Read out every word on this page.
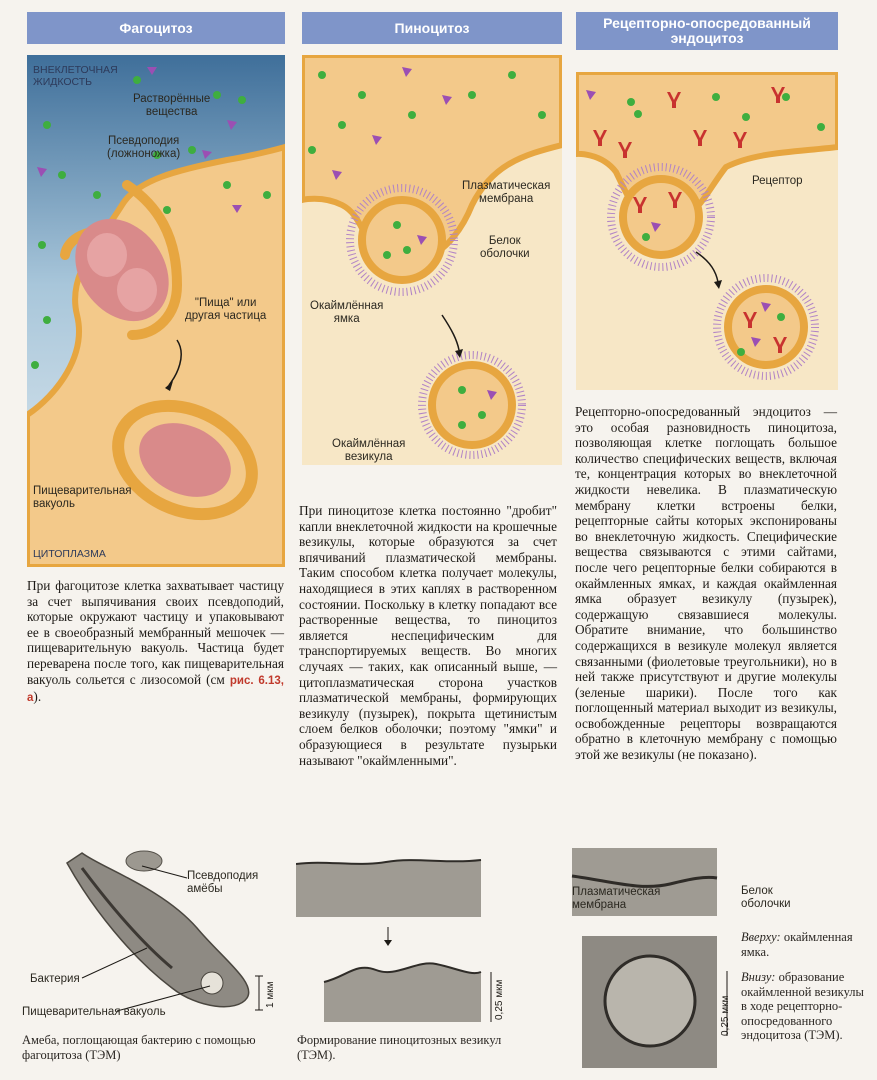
Фагоцитоз	Пиноцитоз	Рецепторно-опосредованный
эндоцитоз
ВНЕКЛЕТОЧНАЯ
ЖИДКОСТЬ
Растворённые
вещества
Псевдоподия
(ложноножка)
"Пища" или
другая частица
Пищеварительная
вакуоль
ЦИТОПЛАЗМА
Плазматическая
мембрана
Белок
оболочки
Окаймлённая
ямка
Окаймлённая
везикула
Рецептор
При фагоцитозе клетка захватывает частицу за счет выпячивания своих псевдоподий, которые окружают частицу и упаковывают ее в своеобразный мембранный мешочек — пищеварительную вакуоль. Частица будет переварена после того, как пищеварительная вакуоль сольется с лизосомой (см рис. 6.13, а).
При пиноцитозе клетка постоянно "дробит" капли внеклеточной жидкости на крошечные везикулы, которые образуются за счет впячиваний плазматической мембраны. Таким способом клетка получает молекулы, находящиеся в этих каплях в растворенном состоянии. Поскольку в клетку попадают все растворенные вещества, то пиноцитоз является неспецифическим для транспортируемых веществ. Во многих случаях — таких, как описанный выше, — цитоплазматическая сторона участков плазматической мембраны, формирующих везикулу (пузырек), покрыта щетинистым слоем белков оболочки; поэтому "ямки" и образующиеся в результате пузырьки называют "окаймленными".
Рецепторно-опосредованный эндоцитоз — это особая разновидность пиноцитоза, позволяющая клетке поглощать большое количество специфических веществ, включая те, концентрация которых во внеклеточной жидкости невелика. В плазматическую мембрану клетки встроены белки, рецепторные сайты которых экспонированы во внеклеточную жидкость. Специфические вещества связываются с этими сайтами, после чего рецепторные белки собираются в окаймленных ямках, и каждая окаймленная ямка образует везикулу (пузырек), содержащую связавшиеся молекулы. Обратите внимание, что большинство содержащихся в везикуле молекул является связанными (фиолетовые треугольники), но в ней также присутствуют и другие молекулы (зеленые шарики). После того как поглощенный материал выходит из везикулы, освобожденные рецепторы возвращаются обратно в клеточную мембрану с помощью этой же везикулы (не показано).
Псевдоподия
амёбы
Бактерия
Пищеварительная вакуоль
1 мкм
Амеба, поглощающая бактерию с помощью фагоцитоза (ТЭМ)
0,25 мкм
Формирование пиноцитозных везикул (ТЭМ).
Плазматическая
мембрана
0,25 мкм
Белок
оболочки
Вверху: окаймленная ямка.
Внизу: образование окаймленной везикулы в ходе рецепторно-опосредованного эндоцитоза (ТЭМ).
